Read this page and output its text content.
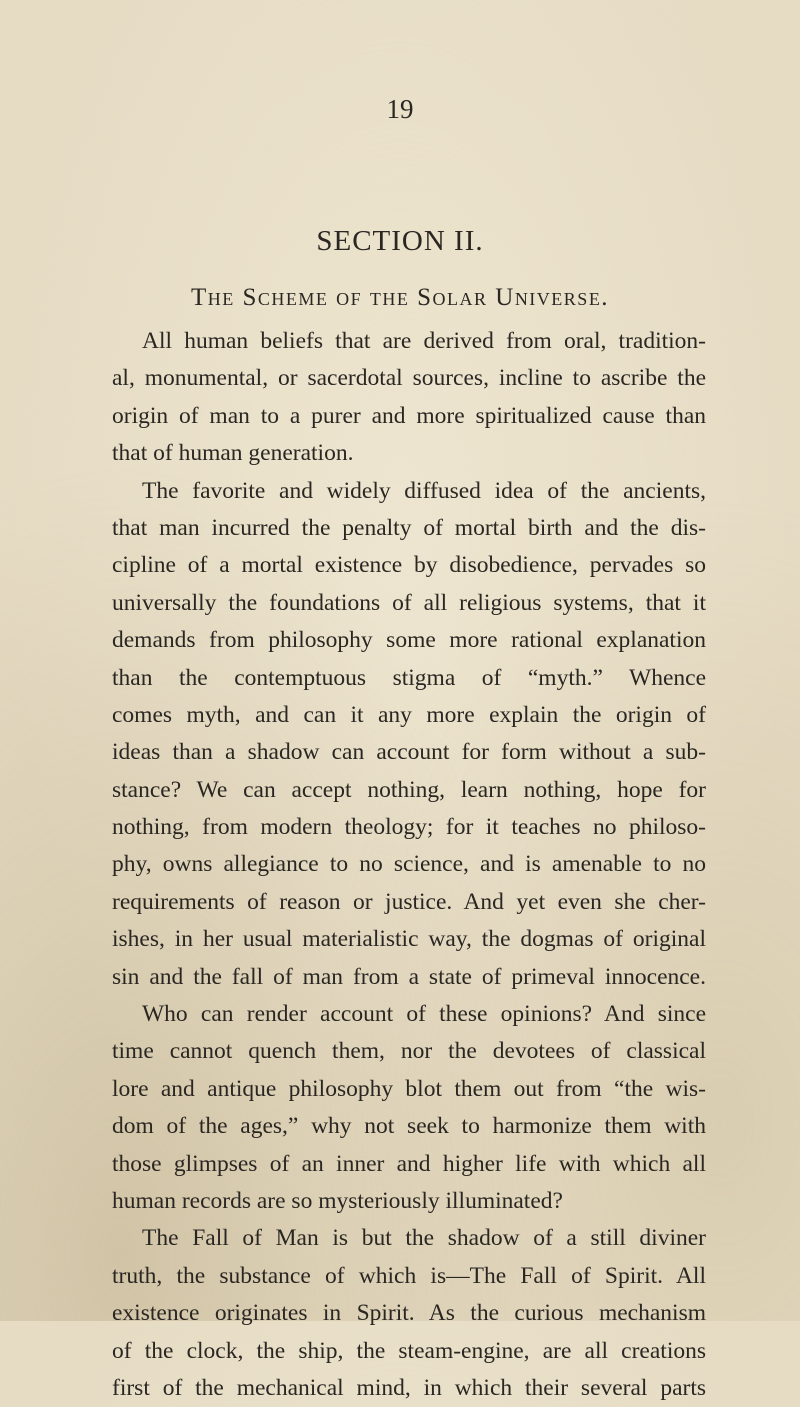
19
SECTION II.
The Scheme of the Solar Universe.
All human beliefs that are derived from oral, tradition-
al, monumental, or sacerdotal sources, incline to ascribe the
origin of man to a purer and more spiritualized cause than
that of human generation.
The favorite and widely diffused idea of the ancients,
that man incurred the penalty of mortal birth and the dis-
cipline of a mortal existence by disobedience, pervades so
universally the foundations of all religious systems, that it
demands from philosophy some more rational explanation
than the contemptuous stigma of “myth.” Whence
comes myth, and can it any more explain the origin of
ideas than a shadow can account for form without a sub-
stance? We can accept nothing, learn nothing, hope for
nothing, from modern theology; for it teaches no philoso-
phy, owns allegiance to no science, and is amenable to no
requirements of reason or justice. And yet even she cher-
ishes, in her usual materialistic way, the dogmas of original
sin and the fall of man from a state of primeval innocence.
Who can render account of these opinions? And since
time cannot quench them, nor the devotees of classical
lore and antique philosophy blot them out from “the wis-
dom of the ages,” why not seek to harmonize them with
those glimpses of an inner and higher life with which all
human records are so mysteriously illuminated?
The Fall of Man is but the shadow of a still diviner
truth, the substance of which is—The Fall of Spirit. All
existence originates in Spirit. As the curious mechanism
of the clock, the ship, the steam-engine, are all creations
first of the mechanical mind, in which their several parts
